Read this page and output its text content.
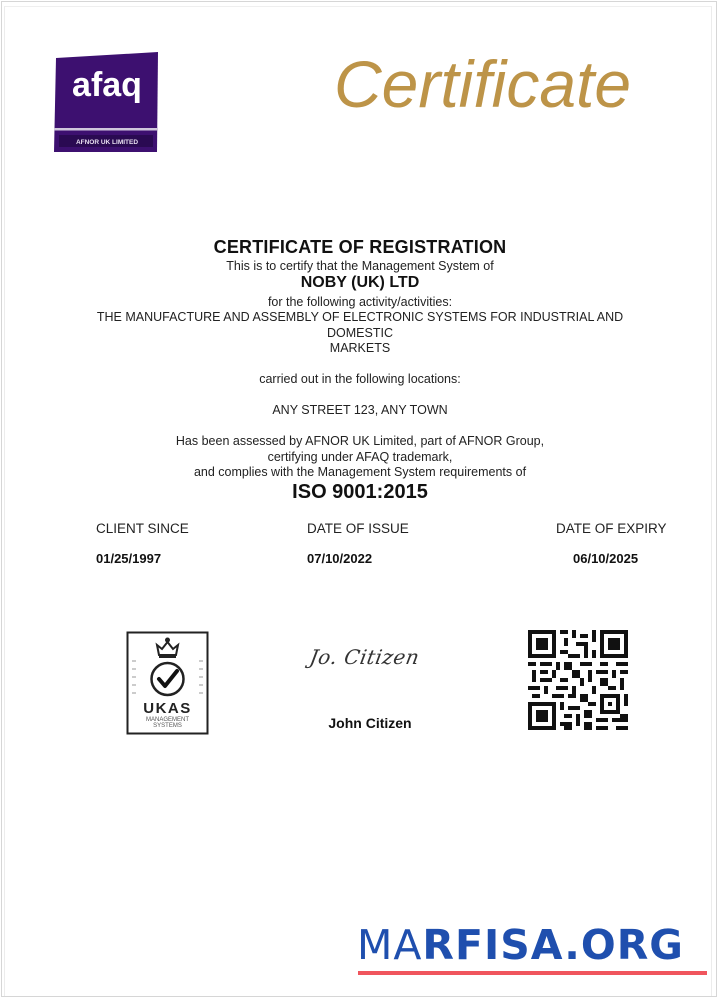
afaq
AFNOR UK LIMITED
Certificate
CERTIFICATE OF REGISTRATION
This is to certify that the Management System of
NOBY (UK) LTD
for the following activity/activities:
THE MANUFACTURE AND ASSEMBLY OF ELECTRONIC SYSTEMS FOR INDUSTRIAL AND
DOMESTIC
MARKETS
carried out in the following locations:
ANY STREET 123, ANY TOWN
Has been assessed by AFNOR UK Limited, part of AFNOR Group,
certifying under AFAQ trademark,
and complies with the Management System requirements of
ISO 9001:2015
CLIENT SINCE	DATE OF ISSUE	DATE OF EXPIRY
01/25/1997	07/10/2022	06/10/2025
UKAS
MANAGEMENT
SYSTEMS
Jo. Citizen
John Citizen
MARFISA.ORG
